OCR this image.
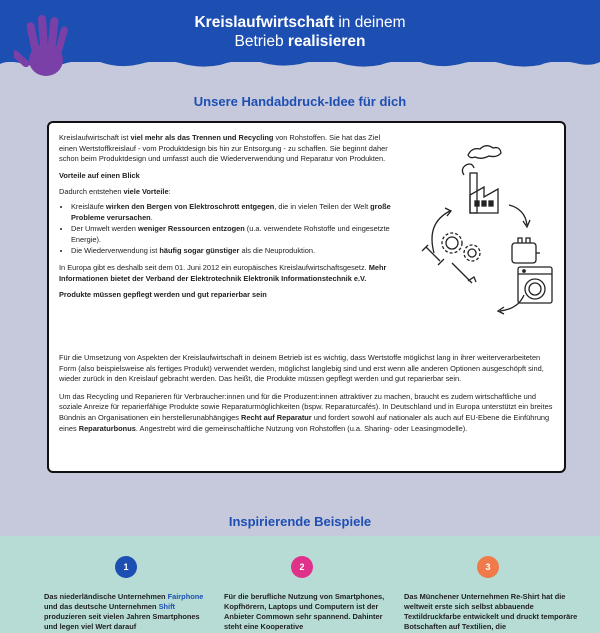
Kreislaufwirtschaft in deinem
Betrieb realisieren
Unsere Handabdruck-Idee für dich

Kreislaufwirtschaft ist viel mehr als das Trennen und Recycling von Rohstoffen. Sie hat das Ziel einen Wertstoffkreislauf - vom Produktdesign bis hin zur Entsorgung - zu schaffen. Sie beginnt daher schon beim Produktdesign und umfasst auch die Wiederverwendung und Reparatur von Produkten.

Vorteile auf einen Blick

Dadurch entstehen viele Vorteile:

• Kreisläufe wirken den Bergen von Elektroschrott entgegen, die in vielen Teilen der Welt große Probleme verursachen.
• Der Umwelt werden weniger Ressourcen entzogen (u.a. verwendete Rohstoffe und eingesetzte Energie).
• Die Wiederverwendung ist häufig sogar günstiger als die Neuproduktion.

In Europa gibt es deshalb seit dem 01. Juni 2012 ein europäisches Kreislaufwirtschaftsgesetz. Mehr Informationen bietet der Verband der Elektrotechnik Elektronik Informationstechnik e.V.

Produkte müssen gepflegt werden und gut reparierbar sein

Für die Umsetzung von Aspekten der Kreislaufwirtschaft in deinem Betrieb ist es wichtig, dass Wertstoffe möglichst lang in ihrer weiterverarbeiteten Form (also beispielsweise als fertiges Produkt) verwendet werden, möglichst langlebig sind und erst wenn alle anderen Optionen ausgeschöpft sind, wieder zurück in den Kreislauf gebracht werden. Das heißt, die Produkte müssen gepflegt werden und gut reparierbar sein.

Um das Recycling und Reparieren für Verbraucher:innen und für die Produzent:innen attraktiver zu machen, braucht es zudem wirtschaftliche und soziale Anreize für reparierfähige Produkte sowie Reparaturmöglichkeiten (bspw. Reparaturcafés). In Deutschland und in Europa unterstützt ein breites Bündnis an Organisationen ein herstellerunabhängiges Recht auf Reparatur und fordert sowohl auf nationaler als auch auf EU-Ebene die Einführung eines Reparaturbonus. Angestrebt wird die gemeinschaftliche Nutzung von Rohstoffen (u.a. Sharing- oder Leasingmodelle).

Inspirierende Beispiele
1	2	3
Das niederländische Unternehmen Fairphone und das deutsche Unternehmen Shift produzieren seit vielen Jahren Smartphones und legen viel Wert darauf
Für die berufliche Nutzung von Smartphones, Kopfhörern, Laptops und Computern ist der Anbieter Commown sehr spannend. Dahinter steht eine Kooperative
Das Münchener Unternehmen Re-Shirt hat die weltweit erste sich selbst abbauende Textildruckfarbe entwickelt und druckt temporäre Botschaften auf Textilien, die
